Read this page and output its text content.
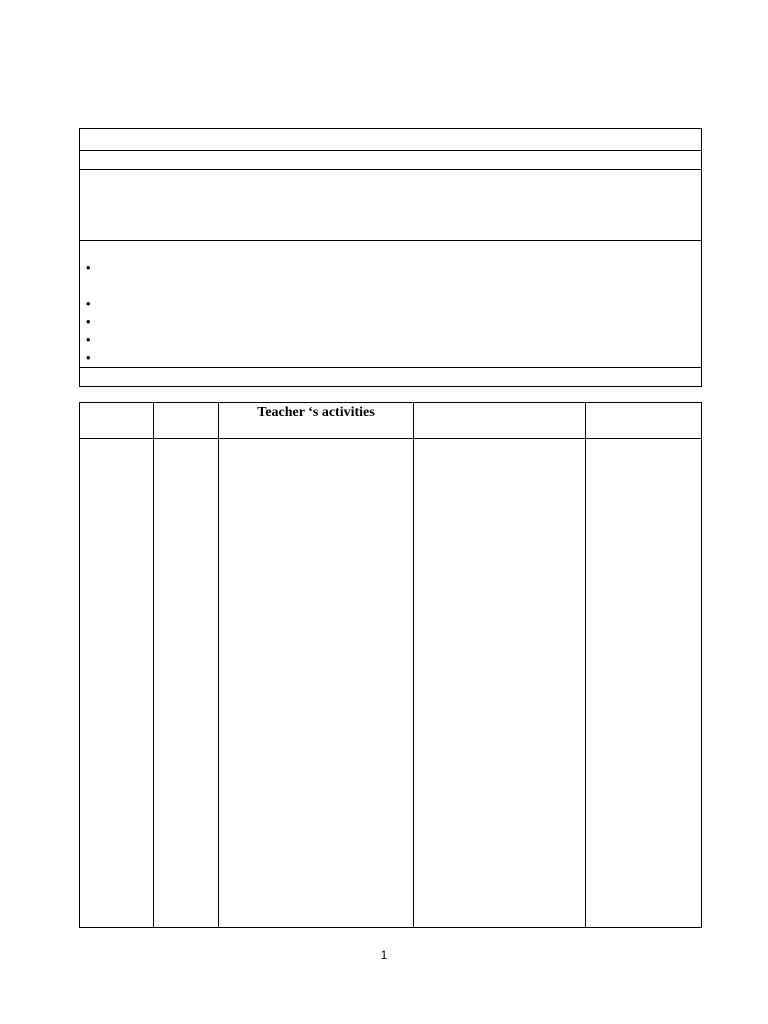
•
•
•
•
•
Teacher ‘s activities
1
